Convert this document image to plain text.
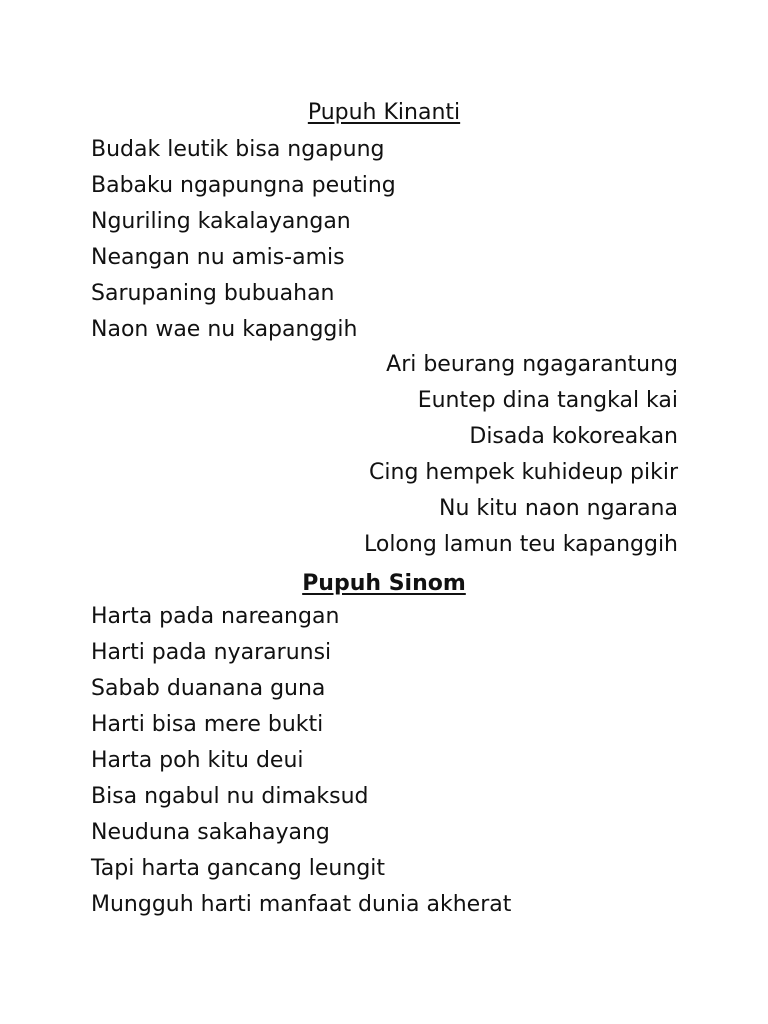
Pupuh Kinanti
Budak leutik bisa ngapung
Babaku ngapungna peuting
Nguriling kakalayangan
Neangan nu amis-amis
Sarupaning bubuahan
Naon wae nu kapanggih
Ari beurang ngagarantung
Euntep dina tangkal kai
Disada kokoreakan
Cing hempek kuhideup pikir
Nu kitu naon ngarana
Lolong lamun teu kapanggih
Pupuh Sinom
Harta pada nareangan
Harti pada nyararunsi
Sabab duanana guna
Harti bisa mere bukti
Harta poh kitu deui
Bisa ngabul nu dimaksud
Neuduna sakahayang
Tapi harta gancang leungit
Mungguh harti manfaat dunia akherat
